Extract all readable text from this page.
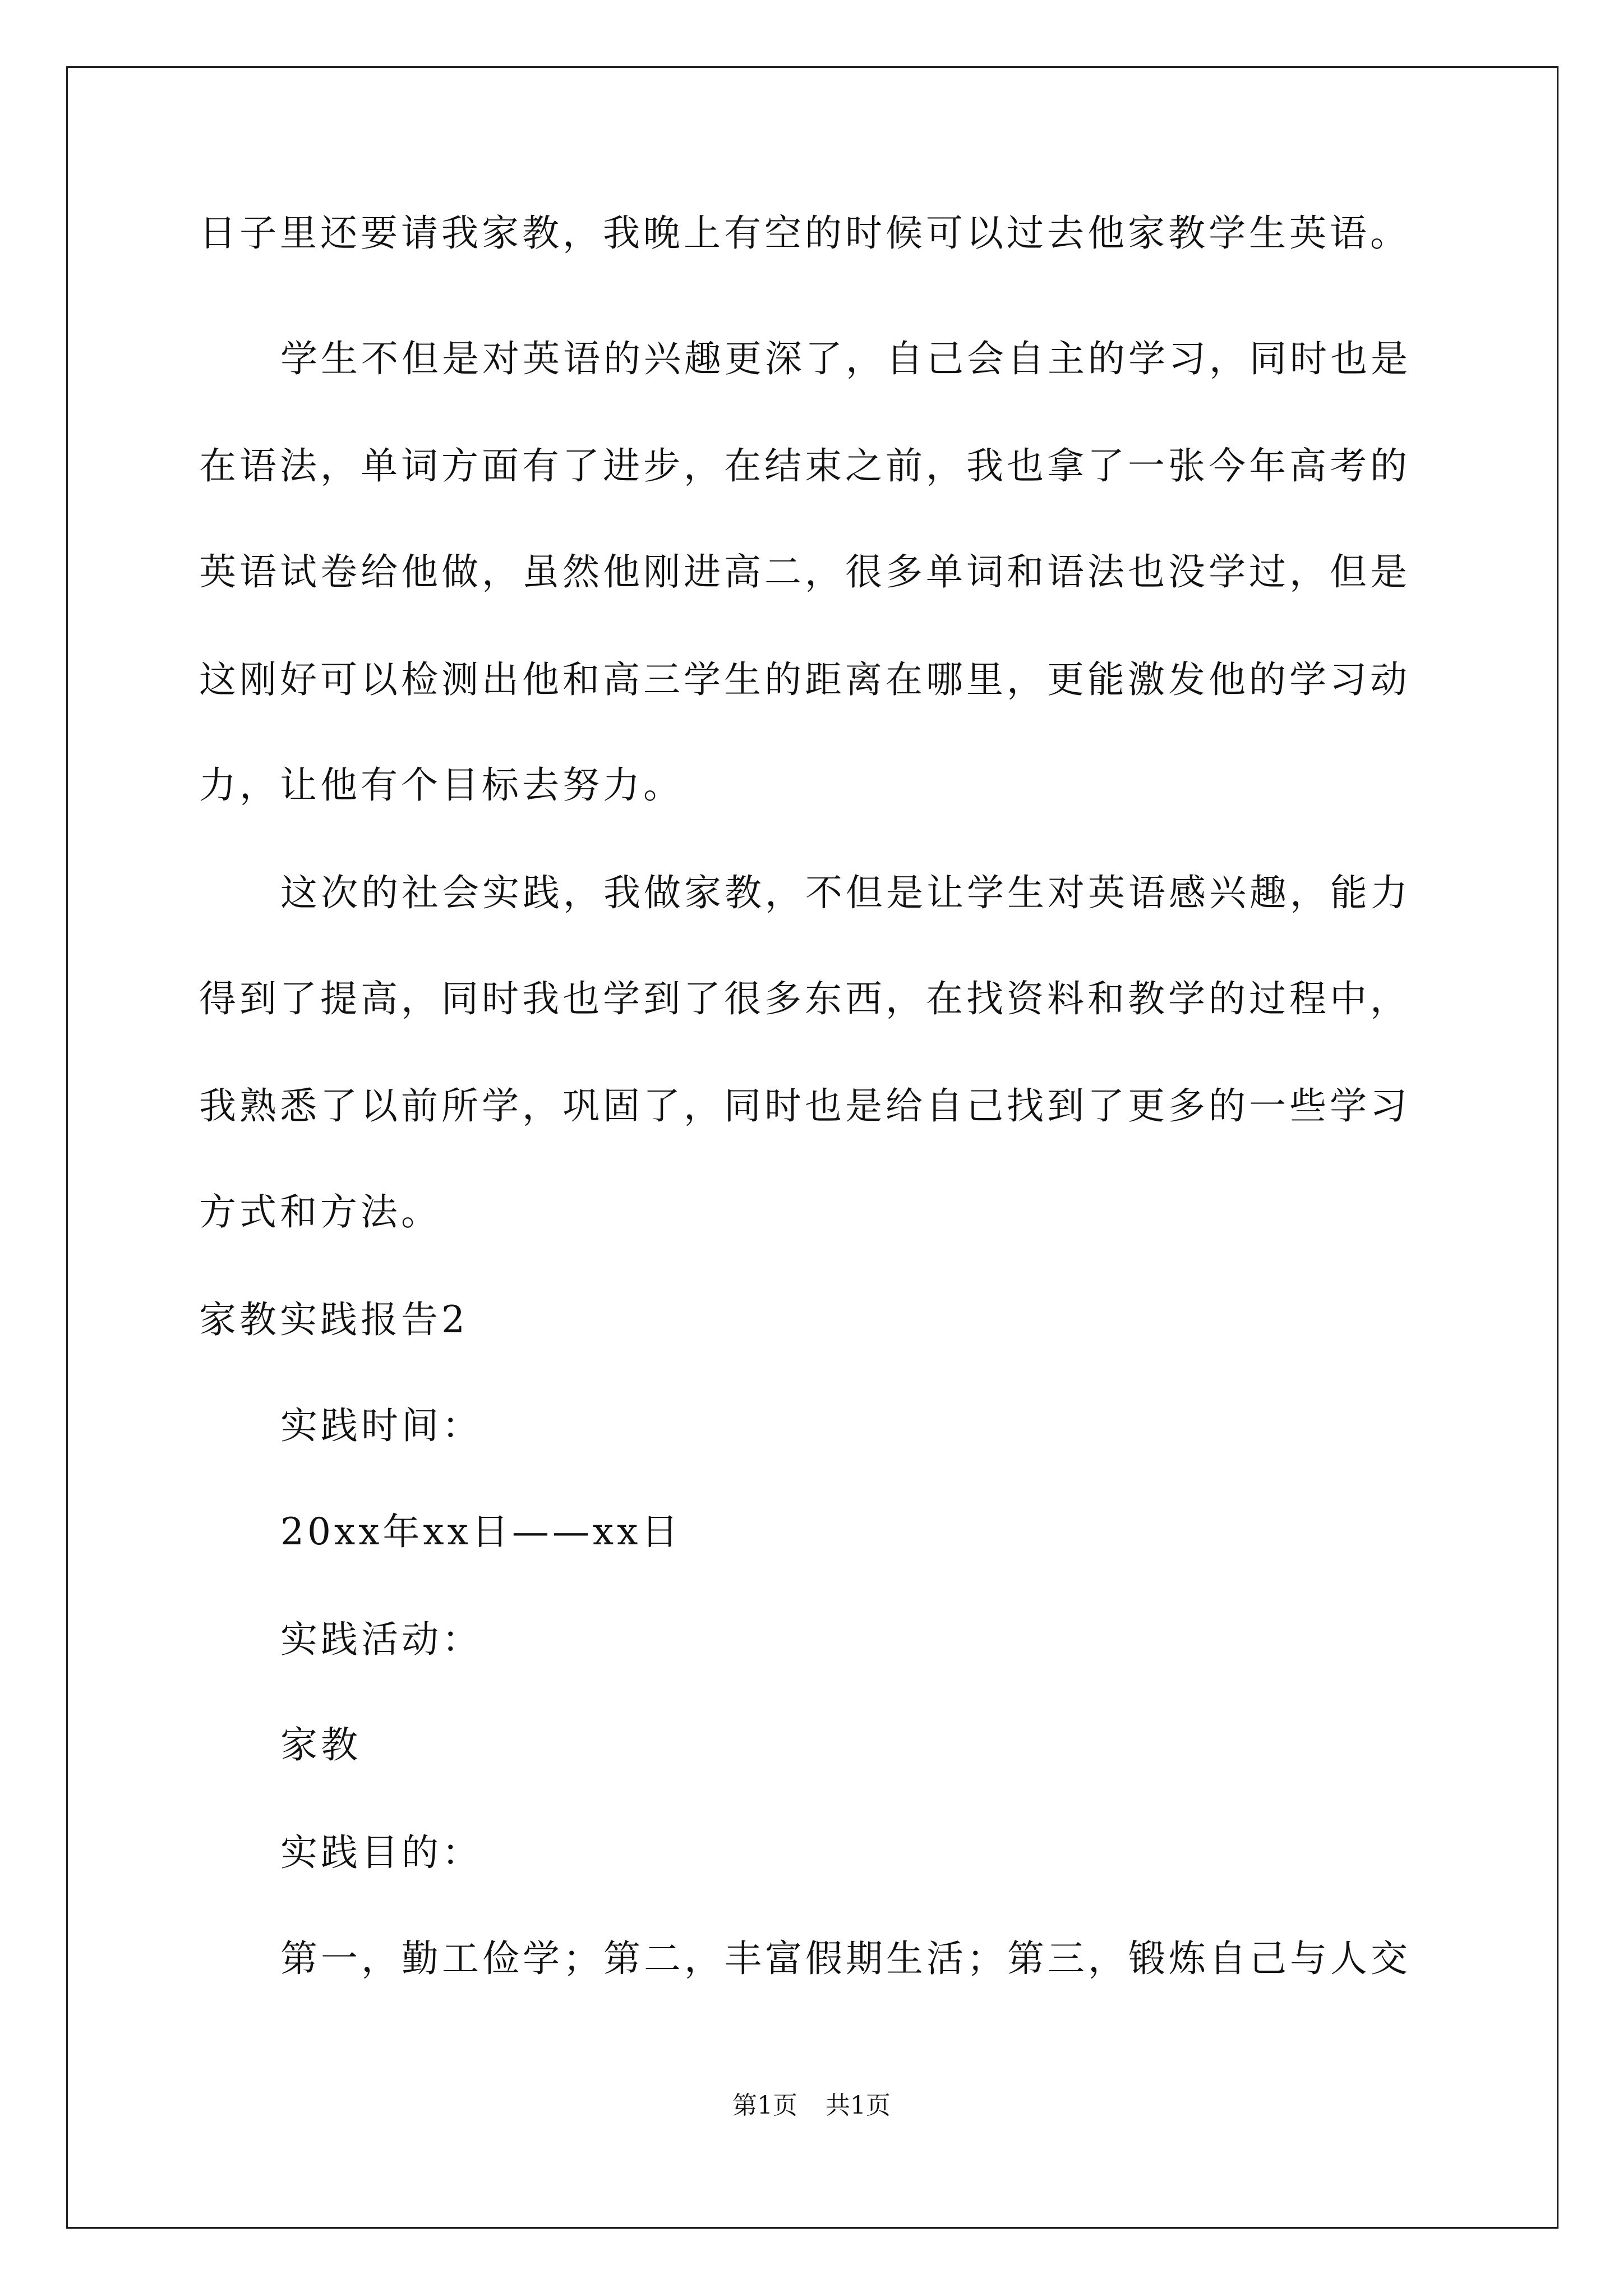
日子里还要请我家教，我晚上有空的时候可以过去他家教学生英语。
学生不但是对英语的兴趣更深了，自己会自主的学习，同时也是
在语法，单词方面有了进步，在结束之前，我也拿了一张今年高考的
英语试卷给他做，虽然他刚进高二，很多单词和语法也没学过，但是
这刚好可以检测出他和高三学生的距离在哪里，更能激发他的学习动
力，让他有个目标去努力。
这次的社会实践，我做家教，不但是让学生对英语感兴趣，能力
得到了提高，同时我也学到了很多东西，在找资料和教学的过程中，
我熟悉了以前所学，巩固了，同时也是给自己找到了更多的一些学习
方式和方法。
家教实践报告2
实践时间：
20xx年xx日——xx日
实践活动：
家教
实践目的：
第一，勤工俭学；第二，丰富假期生活；第三，锻炼自己与人交
第1页 共1页
